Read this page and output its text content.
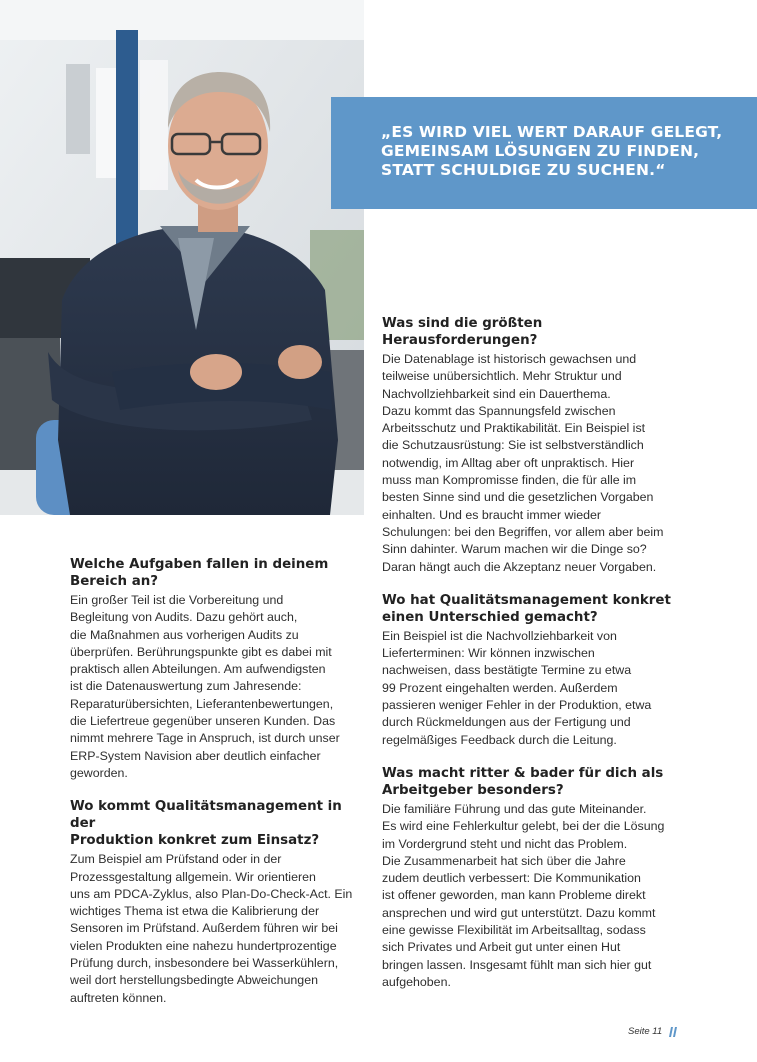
„ES WIRD VIEL WERT DARAUF GELEGT,
GEMEINSAM LÖSUNGEN ZU FINDEN,
STATT SCHULDIGE ZU SUCHEN.“

Welche Aufgaben fallen in deinem
Bereich an?

Ein großer Teil ist die Vorbereitung und
Begleitung von Audits. Dazu gehört auch,
die Maßnahmen aus vorherigen Audits zu
überprüfen. Berührungspunkte gibt es dabei mit
praktisch allen Abteilungen. Am aufwendigsten
ist die Datenauswertung zum Jahresende:
Reparaturübersichten, Lieferantenbewertungen,
die Liefertreue gegenüber unseren Kunden. Das
nimmt mehrere Tage in Anspruch, ist durch unser
ERP-System Navision aber deutlich einfacher
geworden.

Wo kommt Qualitätsmanagement in der
Produktion konkret zum Einsatz?

Zum Beispiel am Prüfstand oder in der
Prozessgestaltung allgemein. Wir orientieren
uns am PDCA-Zyklus, also Plan-Do-Check-Act. Ein
wichtiges Thema ist etwa die Kalibrierung der
Sensoren im Prüfstand. Außerdem führen wir bei
vielen Produkten eine nahezu hundertprozentige
Prüfung durch, insbesondere bei Wasserkühlern,
weil dort herstellungsbedingte Abweichungen
auftreten können.

Was sind die größten
Herausforderungen?

Die Datenablage ist historisch gewachsen und
teilweise unübersichtlich. Mehr Struktur und
Nachvollziehbarkeit sind ein Dauerthema.
Dazu kommt das Spannungsfeld zwischen
Arbeitsschutz und Praktikabilität. Ein Beispiel ist
die Schutzausrüstung: Sie ist selbstverständlich
notwendig, im Alltag aber oft unpraktisch. Hier
muss man Kompromisse finden, die für alle im
besten Sinne sind und die gesetzlichen Vorgaben
einhalten. Und es braucht immer wieder
Schulungen: bei den Begriffen, vor allem aber beim
Sinn dahinter. Warum machen wir die Dinge so?
Daran hängt auch die Akzeptanz neuer Vorgaben.

Wo hat Qualitätsmanagement konkret
einen Unterschied gemacht?

Ein Beispiel ist die Nachvollziehbarkeit von
Lieferterminen: Wir können inzwischen
nachweisen, dass bestätigte Termine zu etwa
99 Prozent eingehalten werden. Außerdem
passieren weniger Fehler in der Produktion, etwa
durch Rückmeldungen aus der Fertigung und
regelmäßiges Feedback durch die Leitung.

Was macht ritter & bader für dich als
Arbeitgeber besonders?

Die familiäre Führung und das gute Miteinander.
Es wird eine Fehlerkultur gelebt, bei der die Lösung
im Vordergrund steht und nicht das Problem.
Die Zusammenarbeit hat sich über die Jahre
zudem deutlich verbessert: Die Kommunikation
ist offener geworden, man kann Probleme direkt
ansprechen und wird gut unterstützt. Dazu kommt
eine gewisse Flexibilität im Arbeitsalltag, sodass
sich Privates und Arbeit gut unter einen Hut
bringen lassen. Insgesamt fühlt man sich hier gut
aufgehoben.

Seite 11
